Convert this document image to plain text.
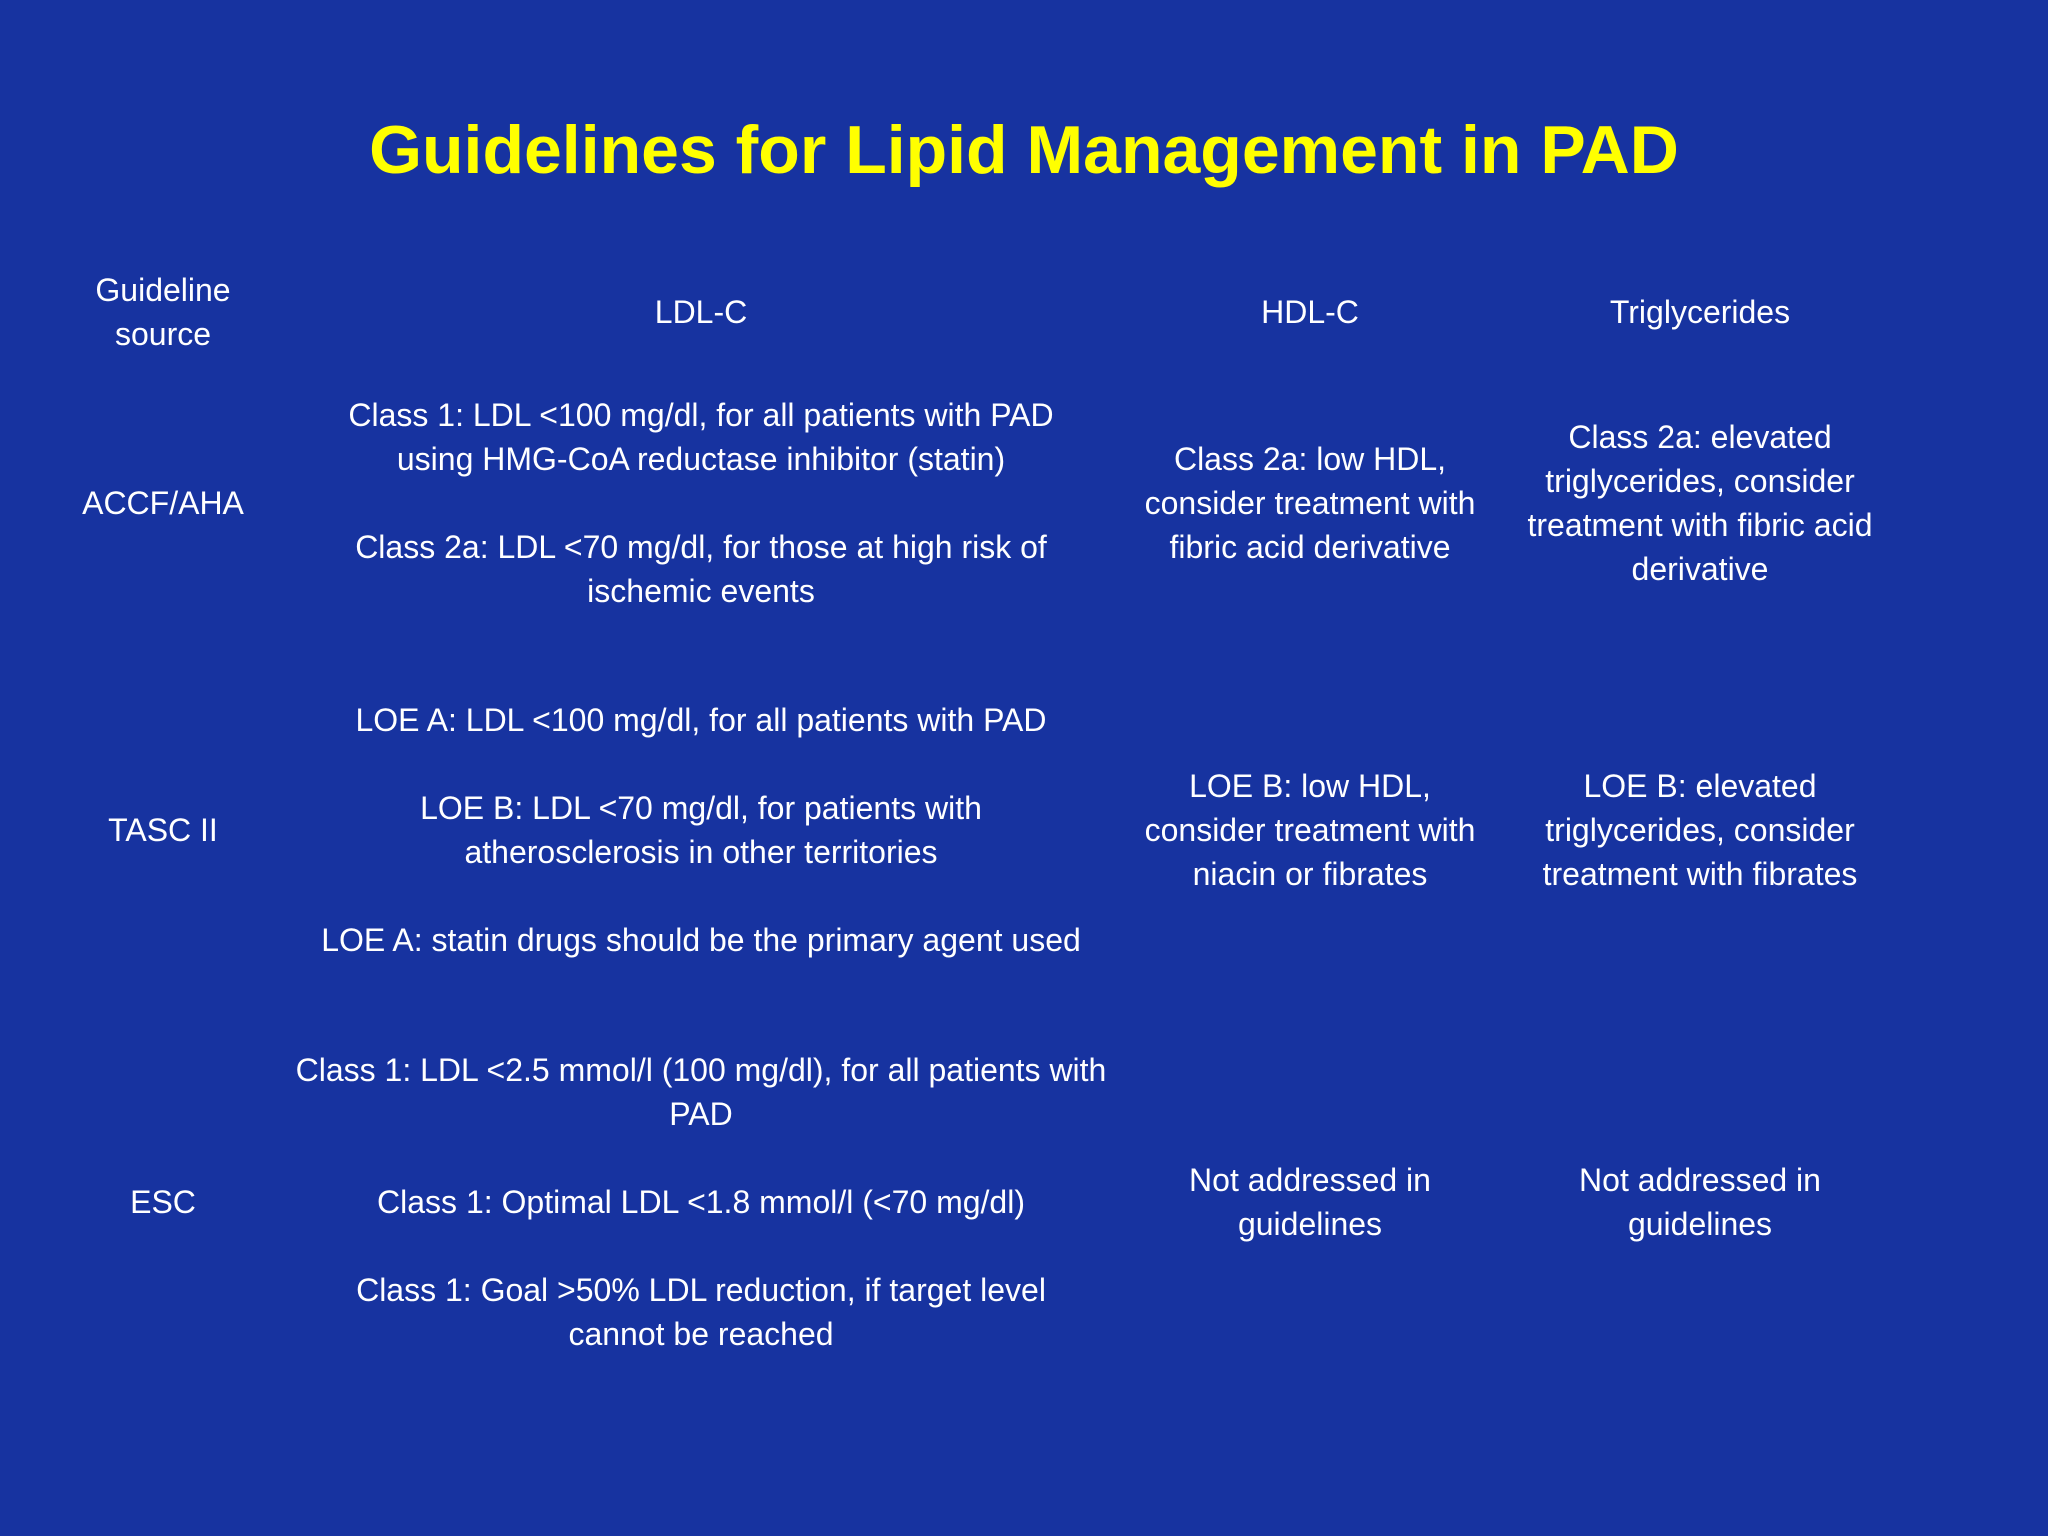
Guidelines for Lipid Management in PAD
Guideline
source
LDL-C	HDL-C	Triglycerides
ACCF/AHA
Class 1: LDL <100 mg/dl, for all patients with PAD using HMG-CoA reductase inhibitor (statin)
Class 2a: LDL <70 mg/dl, for those at high risk of ischemic events
Class 2a: low HDL, consider treatment with fibric acid derivative
Class 2a: elevated triglycerides, consider treatment with fibric acid derivative
TASC II
LOE A: LDL <100 mg/dl, for all patients with PAD
LOE B: LDL <70 mg/dl, for patients with atherosclerosis in other territories
LOE A: statin drugs should be the primary agent used
LOE B: low HDL, consider treatment with niacin or fibrates
LOE B: elevated triglycerides, consider treatment with fibrates
ESC
Class 1: LDL <2.5 mmol/l (100 mg/dl), for all patients with PAD
Class 1: Optimal LDL <1.8 mmol/l (<70 mg/dl)
Class 1: Goal >50% LDL reduction, if target level cannot be reached
Not addressed in guidelines
Not addressed in guidelines
